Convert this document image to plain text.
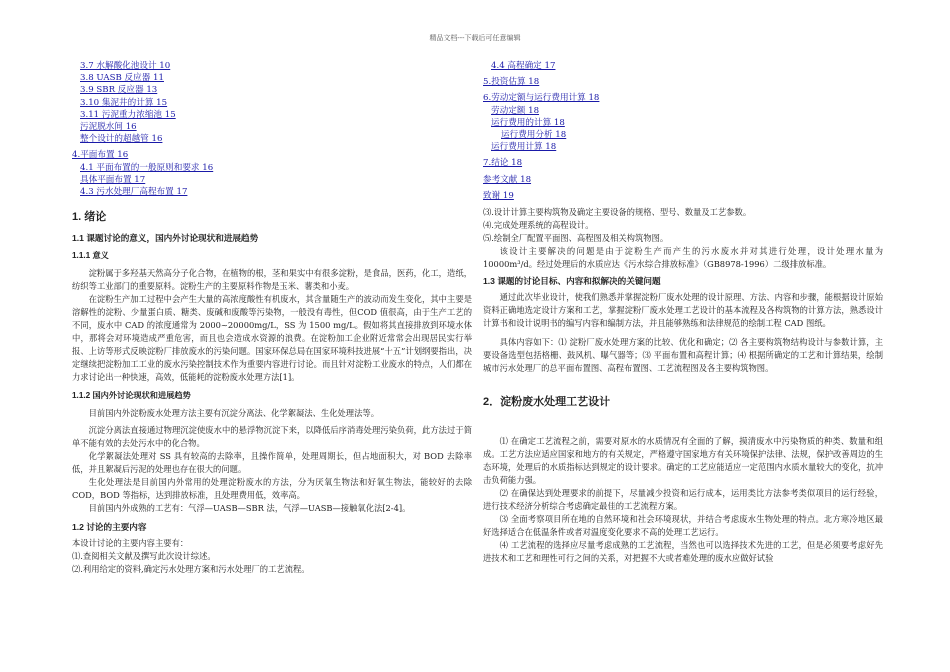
精品文档---下载后可任意编辑
3.7 水解酸化池设计 10
3.8 UASB 反应器 11
3.9 SBR 反应器 13
3.10 集泥井的计算 15
3.11 污泥重力浓缩池 15
污泥脱水间 16
整个设计的超越管 16
4.平面布置 16
4.1 平面布置的一般原则和要求 16
具体平面布置 17
4.3 污水处理厂高程布置 17
1. 绪论
1.1 课题讨论的意义，国内外讨论现状和进展趋势
1.1.1 意义

淀粉属于多羟基天然高分子化合物，在植物的根，茎和果实中有很多淀粉，是食品，医药，化工，造纸，纺织等工业部门的重要原料。淀粉生产的主要原料作物是玉米、薯类和小麦。

在淀粉生产加工过程中会产生大量的高浓度酸性有机废水，其含量随生产的波动而发生变化，其中主要是溶解性的淀粉、少量蛋白质、糖类、废碱和废酸等污染物，一般没有毒性，但COD 值很高，由于生产工艺的不同，废水中 CAD 的浓度通常为 2000~20000mg/L，SS 为 1500 mg/L。假如将其直接排放到环境水体中，那将会对环境造成严重危害，而且也会造成水资源的浪费。在淀粉加工企业附近常常会出现居民实行举报、上访等形式反映淀粉厂排放废水的污染问题。国家环保总局在国家环境科技进展“十五”计划纲要指出，决定继续把淀粉加工工业的废水污染控制技术作为重要内容进行讨论。而且针对淀粉工业废水的特点，人们都在力求讨论出一种快速，高效，低能耗的淀粉废水处理方法[1]。

1.1.2 国内外讨论现状和进展趋势

目前国内外淀粉废水处理方法主要有沉淀分离法、化学絮凝法、生化处理法等。

沉淀分离法直接通过物理沉淀使废水中的悬浮物沉淀下来，以降低后序消毒处理污染负荷，此方法过于简单不能有效的去处污水中的化合物。

化学絮凝法处理对 SS 具有较高的去除率，且操作简单，处理周期长，但占地面积大，对 BOD 去除率低，并且絮凝后污泥的处理也存在很大的问题。

生化处理法是目前国内外常用的处理淀粉废水的方法，分为厌氧生物法和好氧生物法，能较好的去除 COD，BOD 等指标，达到排放标准，且处理费用低，效率高。

目前国内外成熟的工艺有：气浮—UASB—SBR 法，气浮—UASB—接触氧化法[2-4]。

1.2 讨论的主要内容

本设计讨论的主要内容主要有：

⑴.查阅相关文献及撰写此次设计综述。

⑵.利用给定的资料,确定污水处理方案和污水处理厂的工艺流程。

4.4 高程确定 17
5.投资估算 18
6.劳动定额与运行费用计算 18
劳动定额 18
运行费用的计算 18
运行费用分析 18
运行费用计算 18
7.结论 18
参考文献 18
致谢 19

⑶.设计计算主要构筑物及确定主要设备的规格、型号、数量及工艺参数。

⑷.完成处理系统的高程设计。

⑸.绘制全厂配置平面图、高程图及相关构筑物图。

该设计主要解决的问题是由于淀粉生产而产生的污水废水并对其进行处理，设计处理水量为 10000m³/d。经过处理后的水质应达《污水综合排放标准》（GB8978-1996）二级排放标准。

1.3 课题的讨论目标、内容和拟解决的关键问题

通过此次毕业设计，使我们熟悉并掌握淀粉厂废水处理的设计原理、方法、内容和步骤，能根据设计原始资料正确地选定设计方案和工艺，掌握淀粉厂废水处理工艺设计的基本流程及各构筑物的计算方法，熟悉设计计算书和设计说明书的编写内容和编制方法，并且能够熟练和法律规范的绘制工程 CAD 图纸。

具体内容如下：⑴ 淀粉厂废水处理方案的比较、优化和确定；⑵ 各主要构筑物结构设计与参数计算，主要设备选型包括格栅、鼓风机、曝气器等；⑶ 平面布置和高程计算；⑷ 根据所确定的工艺和计算结果，绘制城市污水处理厂的总平面布置图、高程布置图、工艺流程图及各主要构筑物图。

2．淀粉废水处理工艺设计

⑴ 在确定工艺流程之前，需要对原水的水质情况有全面的了解，摸清废水中污染物质的种类、数量和组成。工艺方法应适应国家和地方的有关规定，严格遵守国家地方有关环境保护法律、法规，保护改善周边的生态环境，处理后的水质指标达到规定的设计要求。确定的工艺应能适应一定范围内水质水量较大的变化，抗冲击负荷能力强。

⑵ 在确保达到处理要求的前提下，尽量减少投资和运行成本，运用类比方法参考类似项目的运行经验，进行技术经济分析综合考虑确定最佳的工艺流程方案。

⑶ 全面考察项目所在地的自然环境和社会环境现状，并结合考虑废水生物处理的特点。北方寒冷地区最好选择适合在低温条件或者对温度变化要求不高的处理工艺运行。

⑷ 工艺流程的选择应尽量考虑成熟的工艺流程，当然也可以选择技术先进的工艺，但是必须要考虑好先进技术和工艺和理性可行之间的关系，对把握不大或者难处理的废水应做好试验
